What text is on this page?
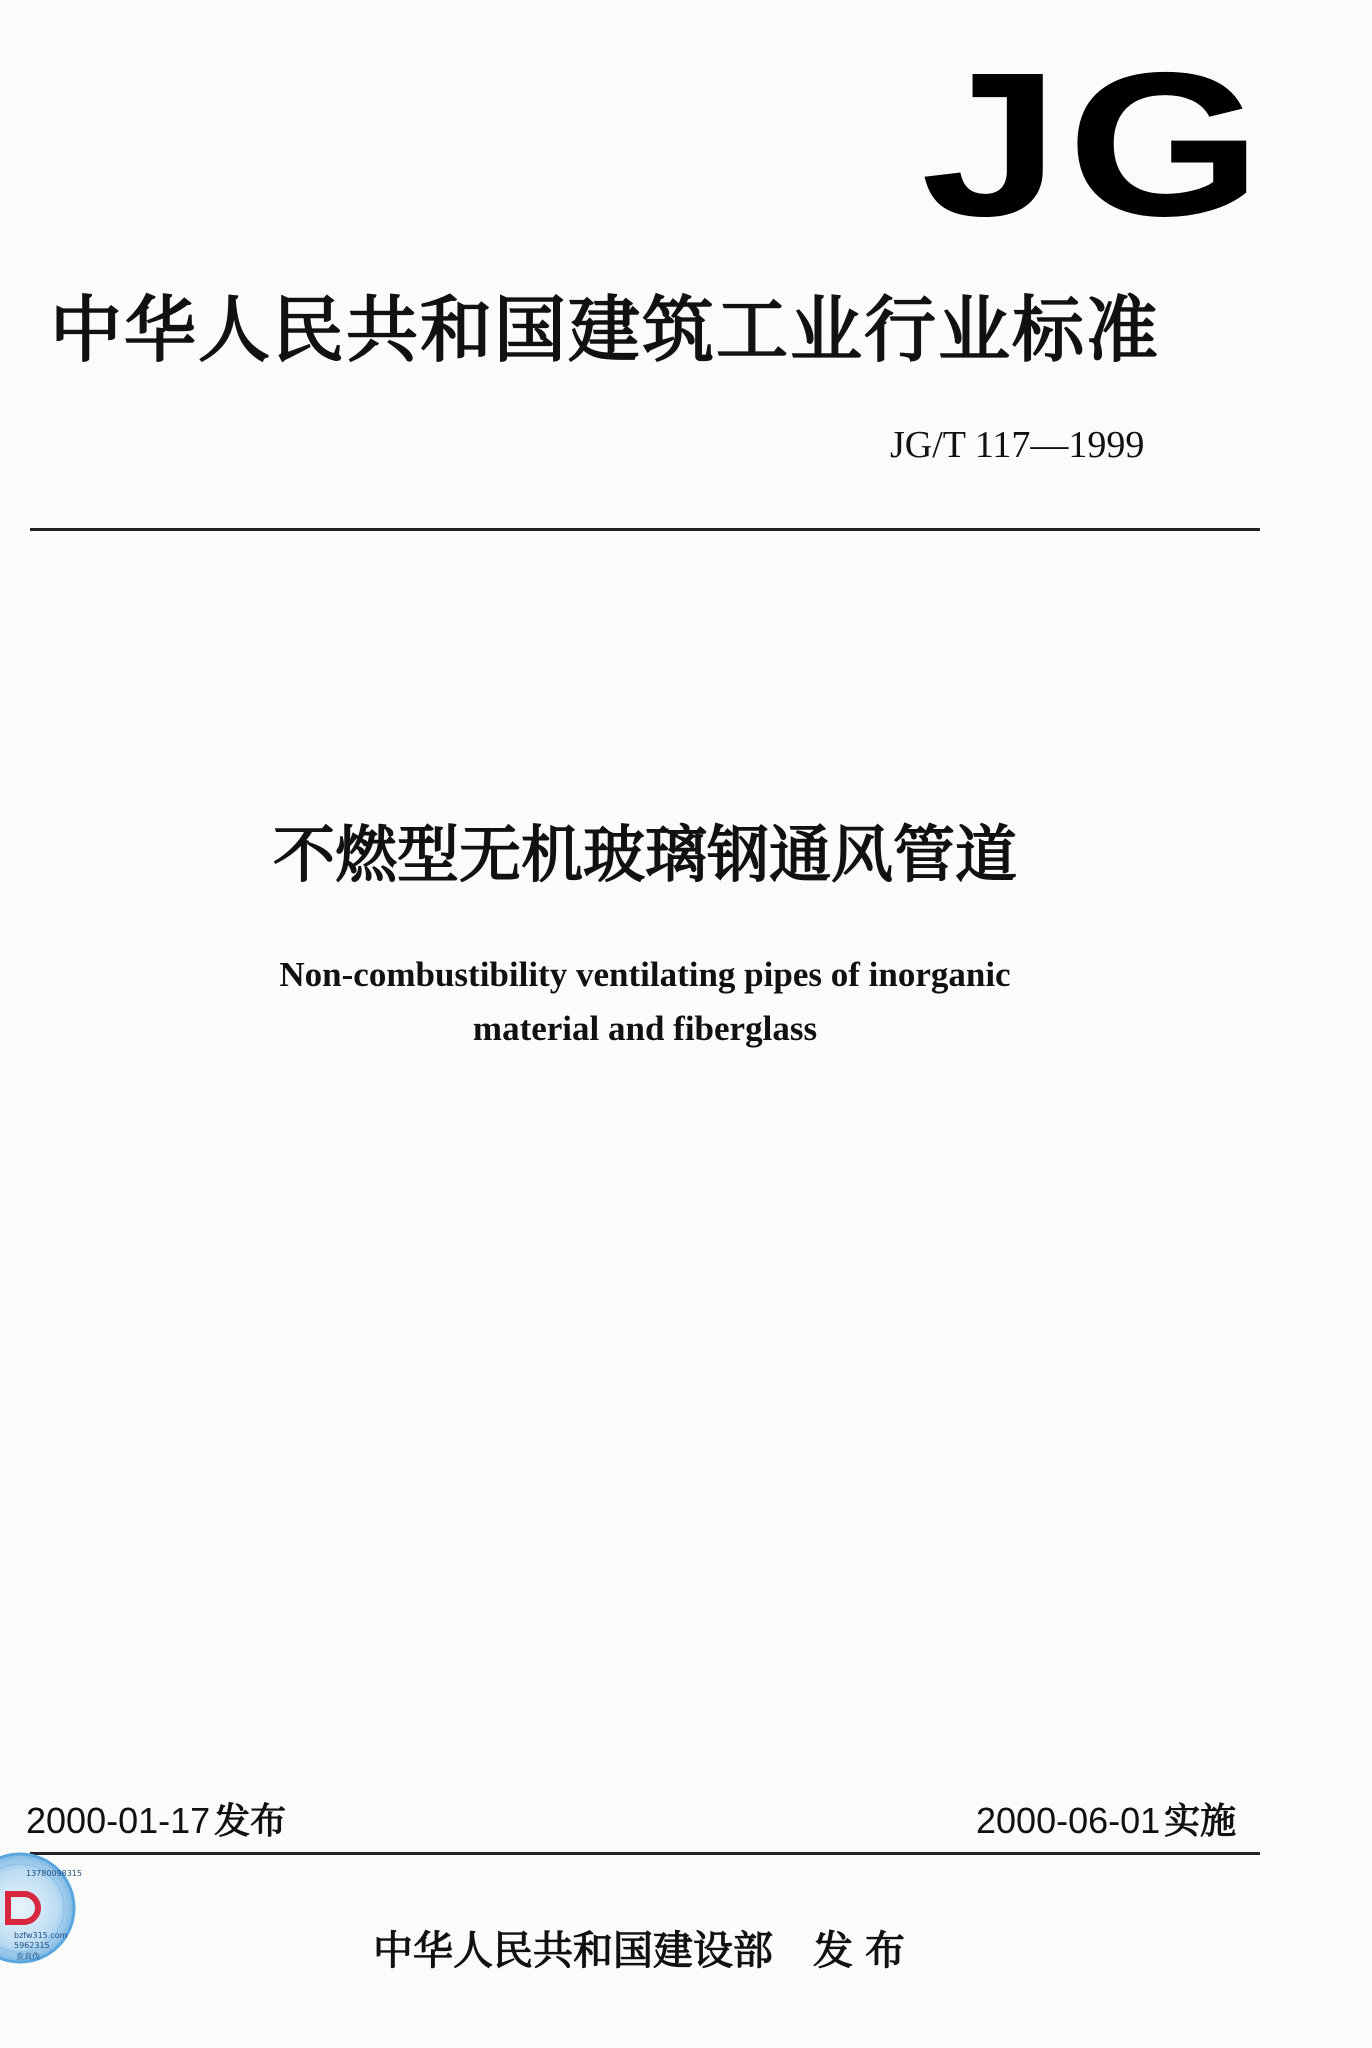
JG
中华人民共和国建筑工业行业标准
JG/T 117—1999
不燃型无机玻璃钢通风管道
Non-combustibility ventilating pipes of inorganic
material and fiberglass
2000-01-17 发布	2000-06-01 实施
中华人民共和国建设部 发布
13780098315
bzfw315.com
5962315
查真伪
